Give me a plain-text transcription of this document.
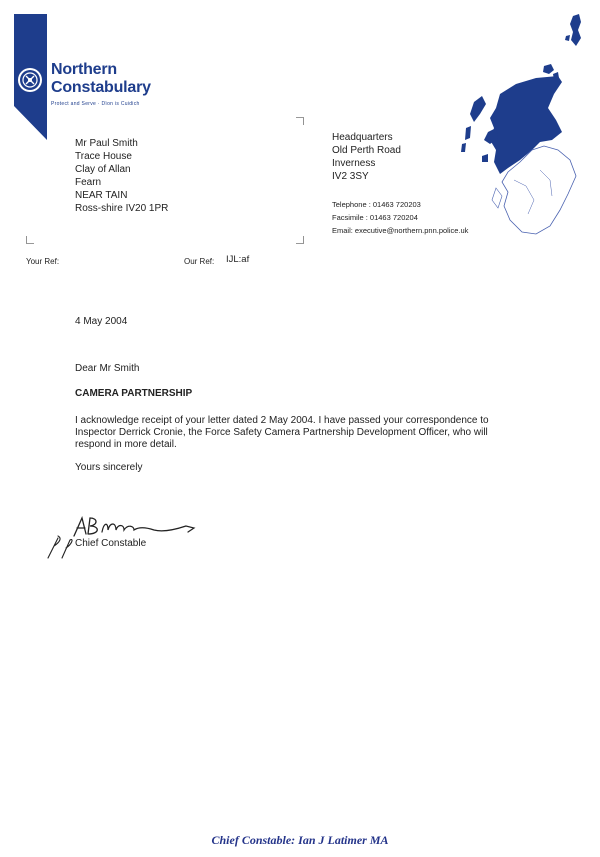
Northern
Constabulary
Protect and Serve · Dìon is Cuidich
Mr Paul Smith
Trace House
Clay of Allan
Fearn
NEAR TAIN
Ross-shire IV20 1PR
Headquarters
Old Perth Road
Inverness
IV2 3SY
Telephone : 01463 720203
Facsimile : 01463 720204
Email: executive@northern.pnn.police.uk
Your Ref:	Our Ref: IJL:af
4 May 2004
Dear Mr Smith
CAMERA PARTNERSHIP
I acknowledge receipt of your letter dated 2 May 2004. I have passed your correspondence to
Inspector Derrick Cronie, the Force Safety Camera Partnership Development Officer, who will
respond in more detail.
Yours sincerely
Chief Constable
Chief Constable: Ian J Latimer MA
